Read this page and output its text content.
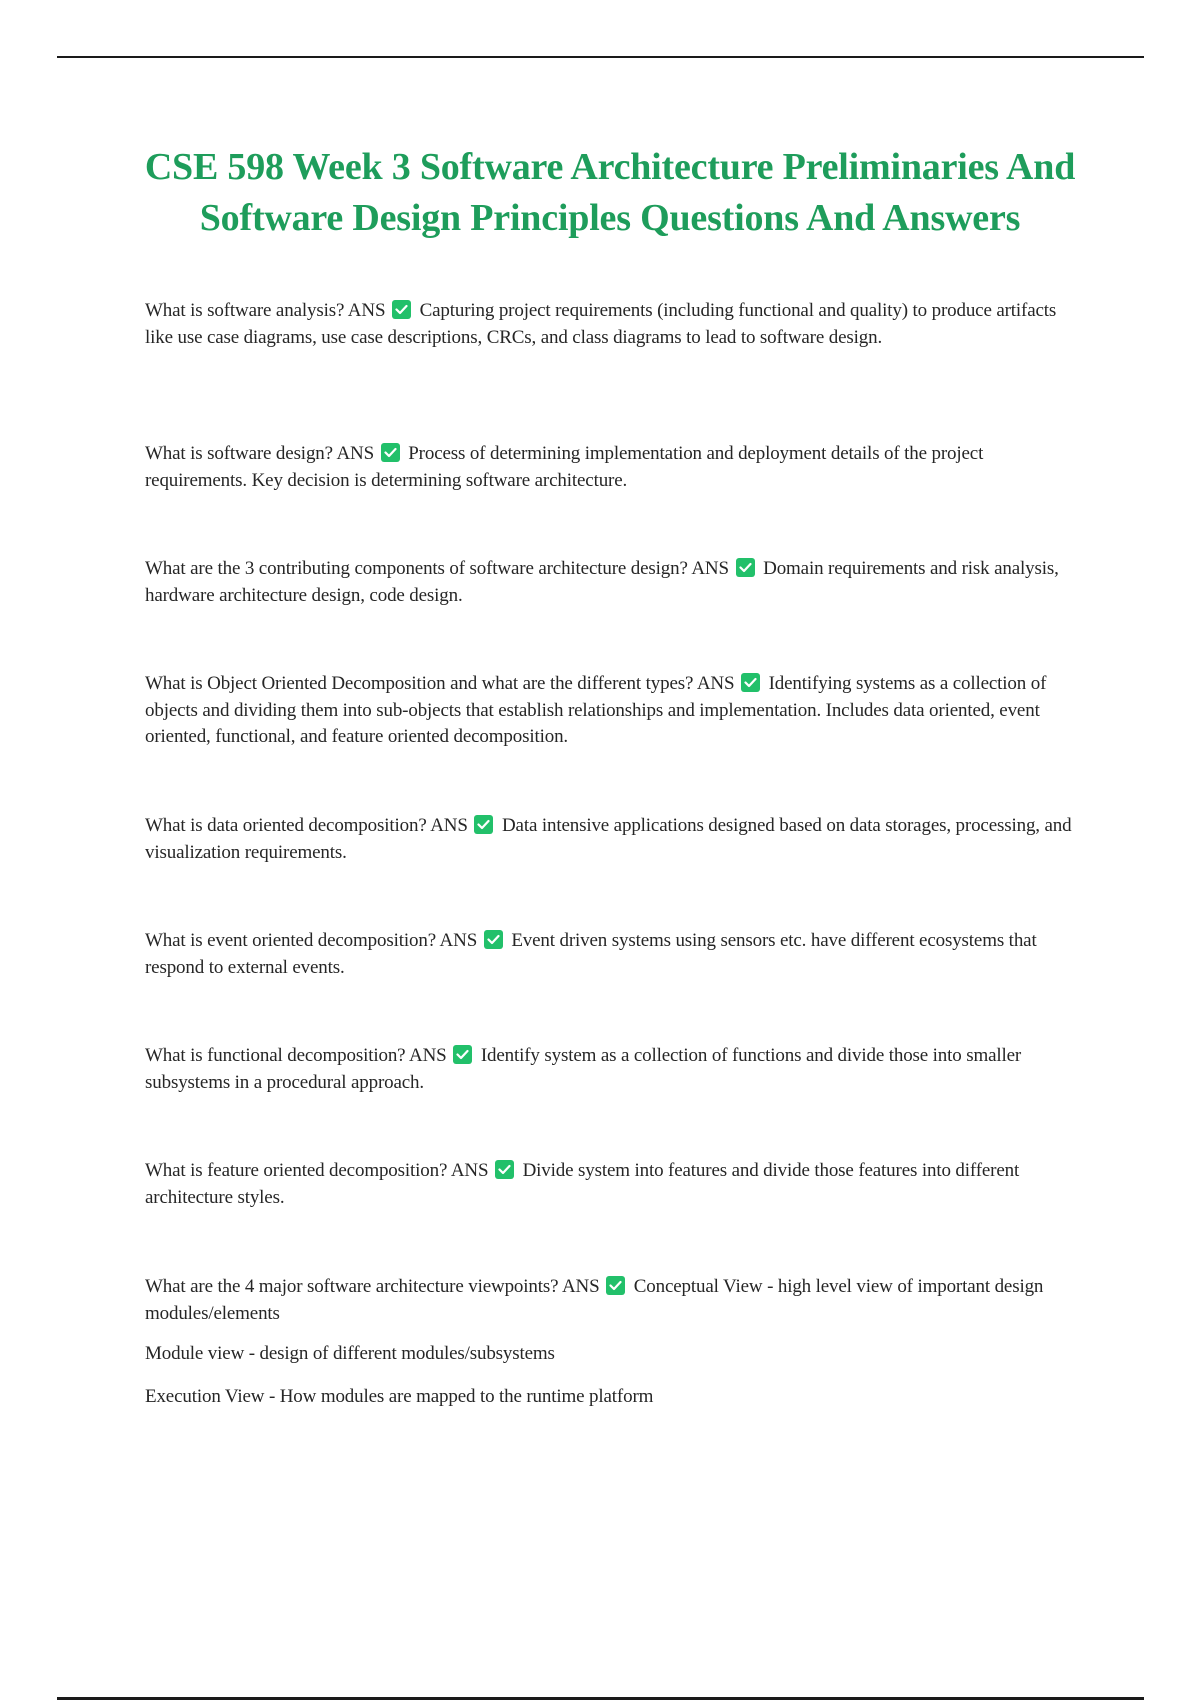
CSE 598 Week 3 Software Architecture Preliminaries And Software Design Principles Questions And Answers

What is software analysis? ANS Capturing project requirements (including functional and quality) to produce artifacts like use case diagrams, use case descriptions, CRCs, and class diagrams to lead to software design.

What is software design? ANS Process of determining implementation and deployment details of the project requirements. Key decision is determining software architecture.

What are the 3 contributing components of software architecture design? ANS Domain requirements and risk analysis, hardware architecture design, code design.

What is Object Oriented Decomposition and what are the different types? ANS Identifying systems as a collection of objects and dividing them into sub-objects that establish relationships and implementation. Includes data oriented, event oriented, functional, and feature oriented decomposition.

What is data oriented decomposition? ANS Data intensive applications designed based on data storages, processing, and visualization requirements.

What is event oriented decomposition? ANS Event driven systems using sensors etc. have different ecosystems that respond to external events.

What is functional decomposition? ANS Identify system as a collection of functions and divide those into smaller subsystems in a procedural approach.

What is feature oriented decomposition? ANS Divide system into features and divide those features into different architecture styles.

What are the 4 major software architecture viewpoints? ANS Conceptual View - high level view of important design modules/elements

Module view - design of different modules/subsystems

Execution View - How modules are mapped to the runtime platform
